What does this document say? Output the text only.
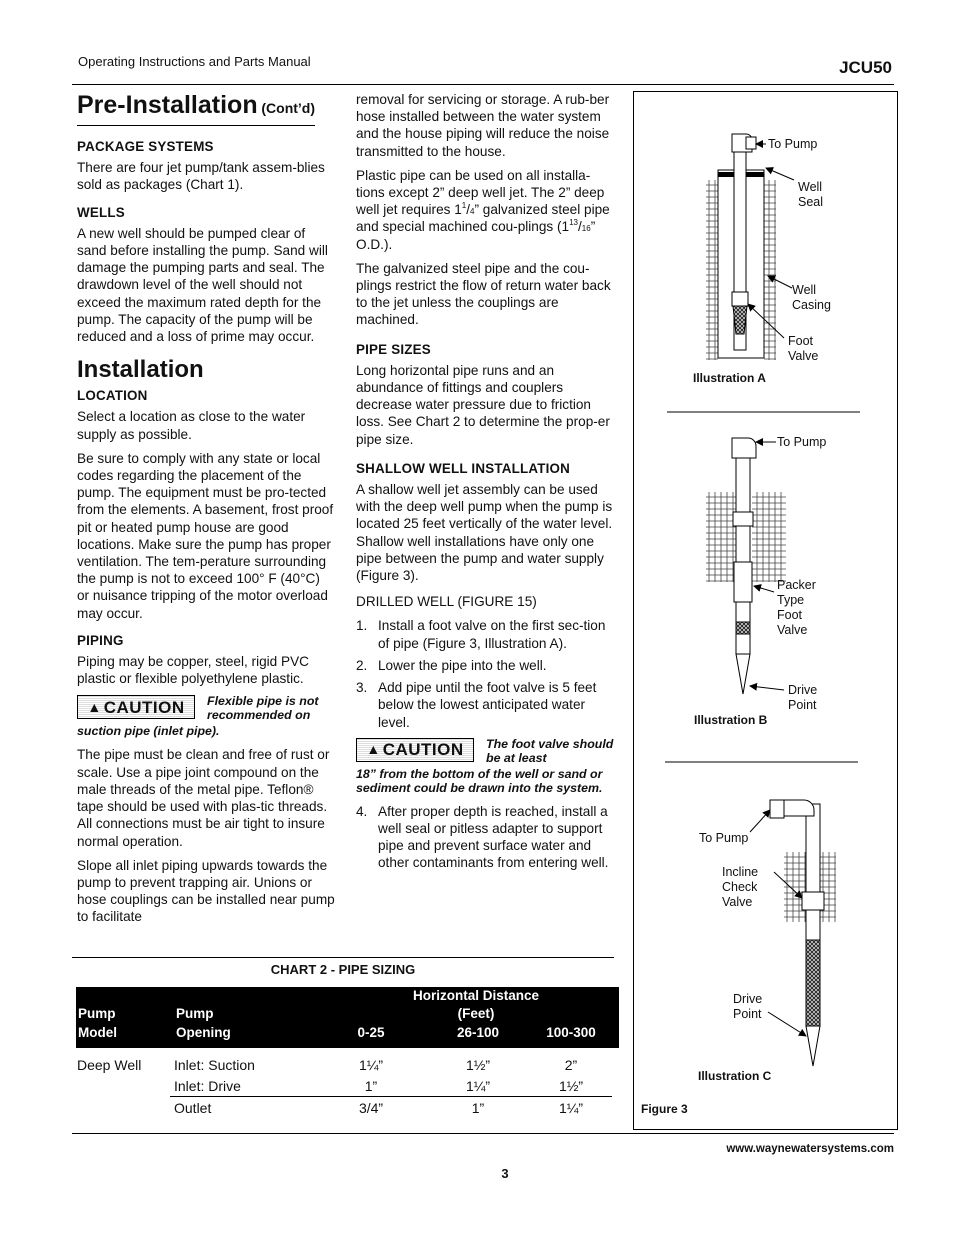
Operating Instructions and Parts Manual	JCU50
Pre-Installation (Cont’d)
PACKAGE SYSTEMS

There are four jet pump/tank assem-blies sold as packages (Chart 1).

WELLS

A new well should be pumped clear of sand before installing the pump. Sand will damage the pumping parts and seal. The drawdown level of the well should not exceed the maximum rated depth for the pump. The capacity of the pump will be reduced and a loss of prime may occur.

Installation
LOCATION

Select a location as close to the water supply as possible.

Be sure to comply with any state or local codes regarding the placement of the pump. The equipment must be pro-tected from the elements. A basement, frost proof pit or heated pump house are good locations. Make sure the pump has proper ventilation. The tem-perature surrounding the pump is not to exceed 100° F (40°C) or nuisance tripping of the motor overload may occur.

PIPING

Piping may be copper, steel, rigid PVC plastic or flexible polyethylene plastic.

▲ CAUTION Flexible pipe is not recommended on
suction pipe (inlet pipe).

The pipe must be clean and free of rust or scale. Use a pipe joint compound on the male threads of the metal pipe. Teflon® tape should be used with plas-tic threads. All connections must be air tight to insure normal operation.

Slope all inlet piping upwards towards the pump to prevent trapping air. Unions or hose couplings can be installed near pump to facilitate

removal for servicing or storage. A rub-ber hose installed between the water system and the house piping will reduce the noise transmitted to the house.

Plastic pipe can be used on all installa-tions except 2” deep well jet. The 2” deep well jet requires $1^1/4$” galvanized steel pipe and special machined cou-plings ($1^{13}/16$” O.D.).

The galvanized steel pipe and the cou-plings restrict the flow of return water back to the jet unless the couplings are machined.

PIPE SIZES

Long horizontal pipe runs and an abundance of fittings and couplers decrease water pressure due to friction loss. See Chart 2 to determine the prop-er pipe size.

SHALLOW WELL INSTALLATION

A shallow well jet assembly can be used with the deep well pump when the pump is located 25 feet vertically of the water level. Shallow well installations have only one pipe between the pump and water supply (Figure 3).

DRILLED WELL (FIGURE 15)

1. Install a foot valve on the first sec-tion of pipe (Figure 3, Illustration A).
2. Lower the pipe into the well.
3. Add pipe until the foot valve is 5 feet below the lowest anticipated water level.
▲ CAUTION The foot valve should be at least
18” from the bottom of the well or sand or sediment could be drawn into the system.
4. After proper depth is reached, install a well seal or pitless adapter to support pipe and prevent surface water and other contaminants from entering well.
To Pump
Well Seal
Well Casing
Foot Valve
Illustration A
To Pump
Packer Type Foot Valve
Drive Point
Illustration B
To Pump
Incline Check Valve
Drive Point
Illustration C
Figure 3
CHART 2 - PIPE SIZING
Pump
Model
Pump
Opening
Horizontal Distance
(Feet)
0-25	26-100	100-300
Deep Well Inlet: Suction	1¼”	1½”	2”
Inlet: Drive	1”	1¼”	1½”
Outlet	3/4”	1”	1¼”
www.waynewatersystems.com
3
